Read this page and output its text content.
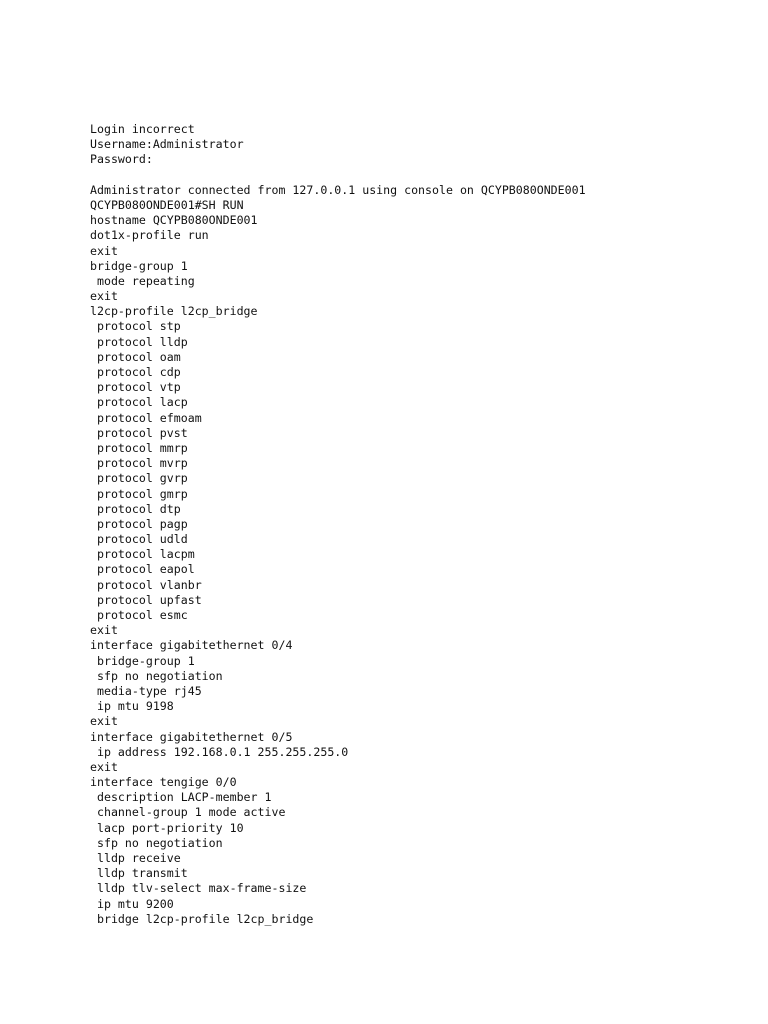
Login incorrect
Username:Administrator
Password:
Administrator connected from 127.0.0.1 using console on QCYPB080ONDE001
QCYPB080ONDE001#SH RUN
hostname QCYPB080ONDE001
dot1x-profile run
exit
bridge-group 1
mode repeating
exit
l2cp-profile l2cp_bridge
protocol stp
protocol lldp
protocol oam
protocol cdp
protocol vtp
protocol lacp
protocol efmoam
protocol pvst
protocol mmrp
protocol mvrp
protocol gvrp
protocol gmrp
protocol dtp
protocol pagp
protocol udld
protocol lacpm
protocol eapol
protocol vlanbr
protocol upfast
protocol esmc
exit
interface gigabitethernet 0/4
bridge-group 1
sfp no negotiation
media-type rj45
ip mtu 9198
exit
interface gigabitethernet 0/5
ip address 192.168.0.1 255.255.255.0
exit
interface tengige 0/0
description LACP-member 1
channel-group 1 mode active
lacp port-priority 10
sfp no negotiation
lldp receive
lldp transmit
lldp tlv-select max-frame-size
ip mtu 9200
bridge l2cp-profile l2cp_bridge
